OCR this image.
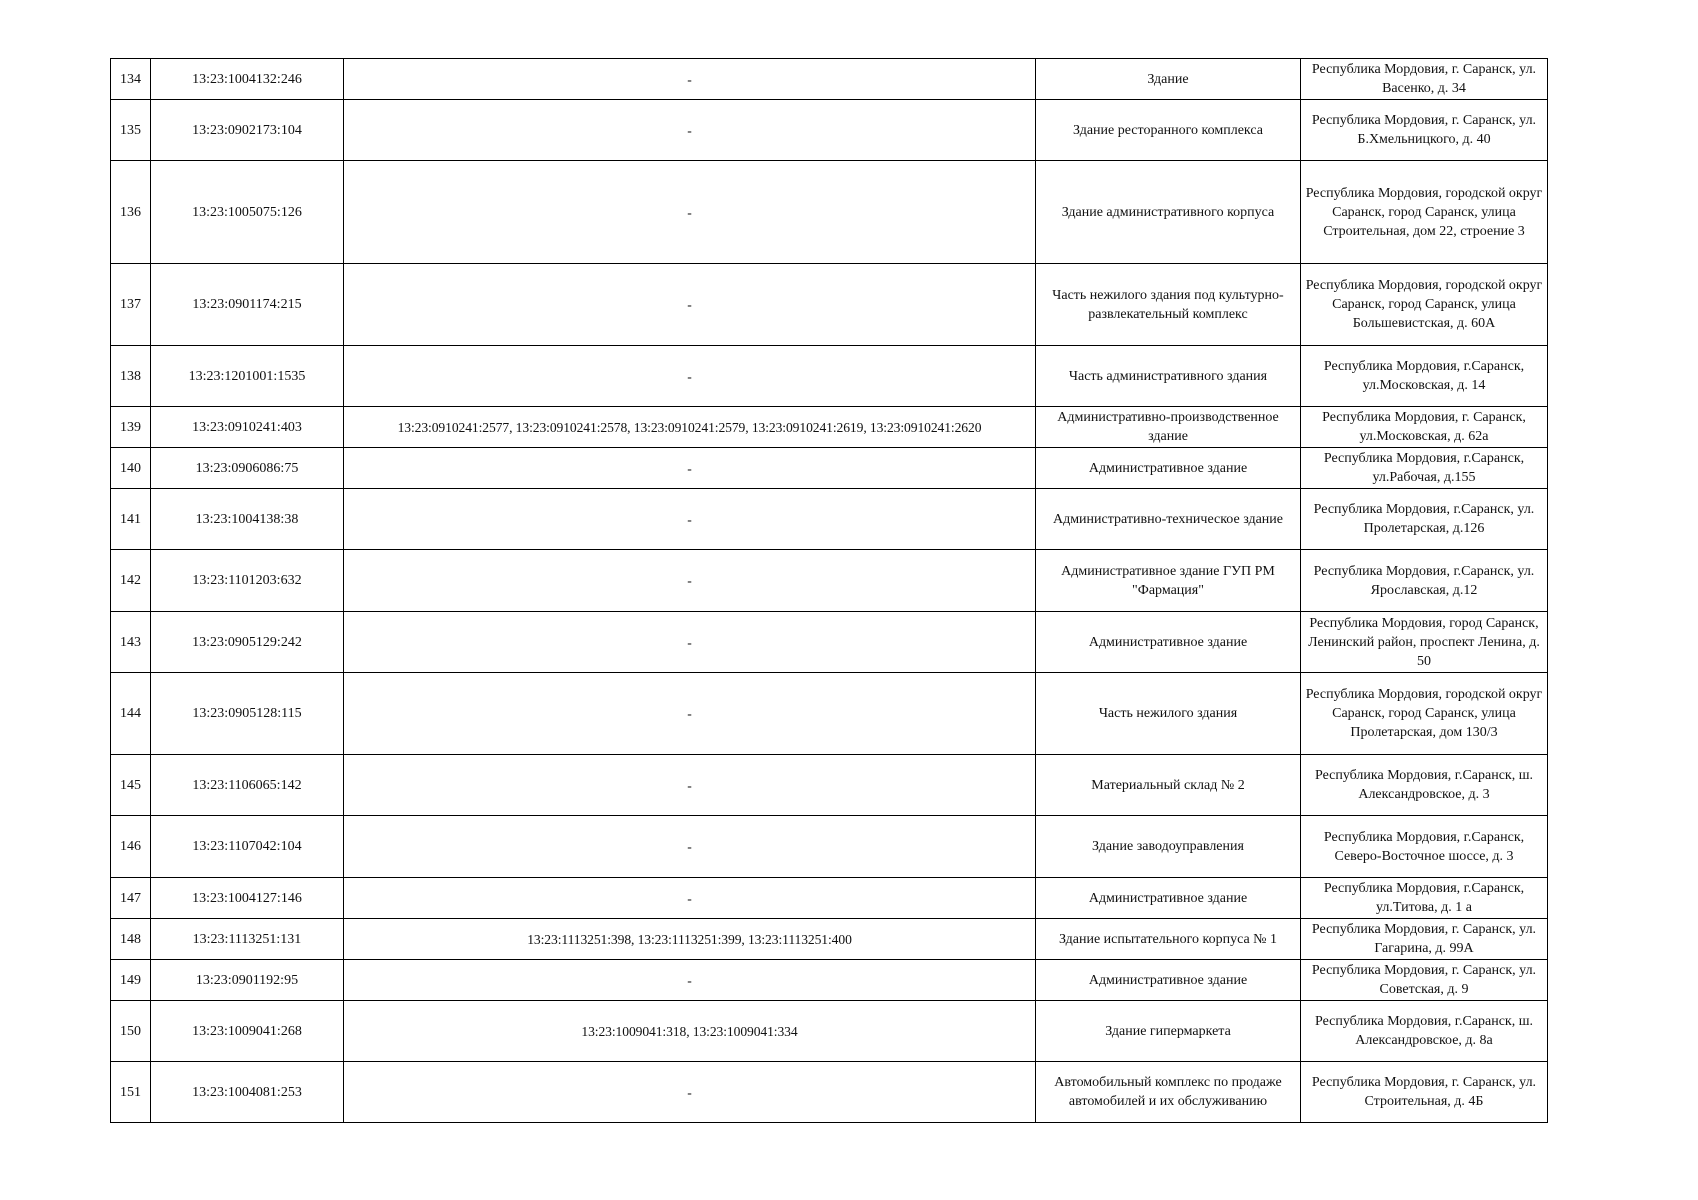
134	13:23:1004132:246	-	Здание	Республика Мордовия, г. Саранск, ул. Васенко, д. 34
135	13:23:0902173:104	-	Здание ресторанного комплекса	Республика Мордовия, г. Саранск, ул. Б.Хмельницкого, д. 40
136	13:23:1005075:126	-	Здание административного корпуса	Республика Мордовия, городской округ Саранск, город Саранск, улица Строительная, дом 22, строение 3
137	13:23:0901174:215	-	Часть нежилого здания под культурно-развлекательный комплекс	Республика Мордовия, городской округ Саранск, город Саранск, улица Большевистская, д. 60А
138	13:23:1201001:1535	-	Часть административного здания	Республика Мордовия, г.Саранск, ул.Московская, д. 14
139	13:23:0910241:403	13:23:0910241:2577, 13:23:0910241:2578, 13:23:0910241:2579, 13:23:0910241:2619, 13:23:0910241:2620	Административно-производственное здание	Республика Мордовия, г. Саранск, ул.Московская, д. 62а
140	13:23:0906086:75	-	Административное здание	Республика Мордовия, г.Саранск, ул.Рабочая, д.155
141	13:23:1004138:38	-	Административно-техническое здание	Республика Мордовия, г.Саранск, ул. Пролетарская, д.126
142	13:23:1101203:632	-	Административное здание ГУП РМ "Фармация"	Республика Мордовия, г.Саранск, ул. Ярославская, д.12
143	13:23:0905129:242	-	Административное здание	Республика Мордовия, город Саранск, Ленинский район, проспект Ленина, д. 50
144	13:23:0905128:115	-	Часть нежилого здания	Республика Мордовия, городской округ Саранск, город Саранск, улица Пролетарская, дом 130/3
145	13:23:1106065:142	-	Материальный склад № 2	Республика Мордовия, г.Саранск, ш. Александровское, д. 3
146	13:23:1107042:104	-	Здание заводоуправления	Республика Мордовия, г.Саранск, Северо-Восточное шоссе, д. 3
147	13:23:1004127:146	-	Административное здание	Республика Мордовия, г.Саранск, ул.Титова, д. 1 а
148	13:23:1113251:131	13:23:1113251:398, 13:23:1113251:399, 13:23:1113251:400	Здание испытательного корпуса № 1	Республика Мордовия, г. Саранск, ул. Гагарина, д. 99А
149	13:23:0901192:95	-	Административное здание	Республика Мордовия, г. Саранск, ул. Советская, д. 9
150	13:23:1009041:268	13:23:1009041:318, 13:23:1009041:334	Здание гипермаркета	Республика Мордовия, г.Саранск, ш. Александровское, д. 8а
151	13:23:1004081:253	-	Автомобильный комплекс по продаже автомобилей и их обслуживанию	Республика Мордовия, г. Саранск, ул. Строительная, д. 4Б
